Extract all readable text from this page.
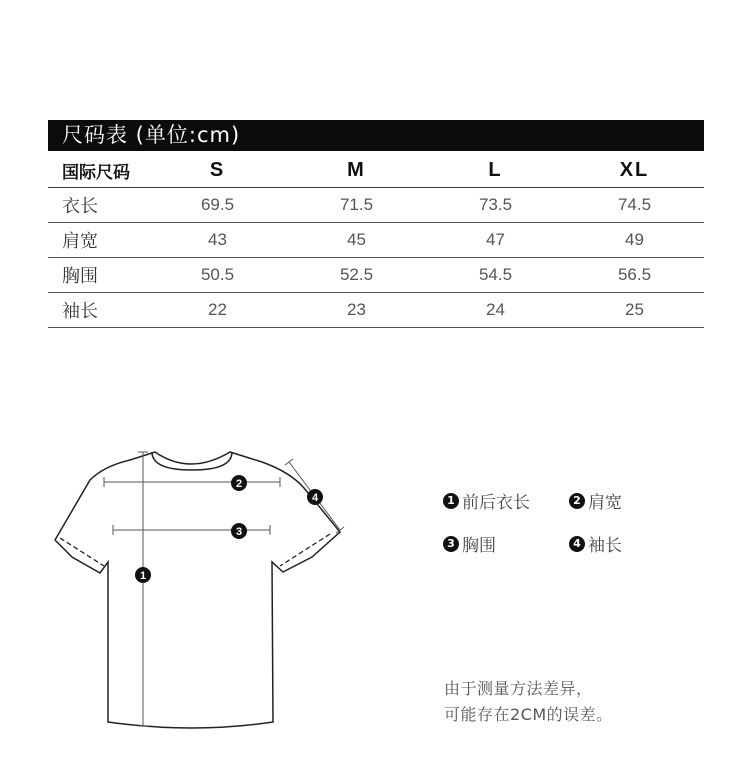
尺码表 (单位:cm)
国际尺码	S	M	L	XL
衣长	69.5	71.5	73.5	74.5
肩宽	43	45	47	49
胸围	50.5	52.5	54.5	56.5
袖长	22	23	24	25
1
2
3
4	1 前后衣长	2 肩宽
3 胸围	4 袖长
由于测量方法差异，
可能存在2CM的误差。
